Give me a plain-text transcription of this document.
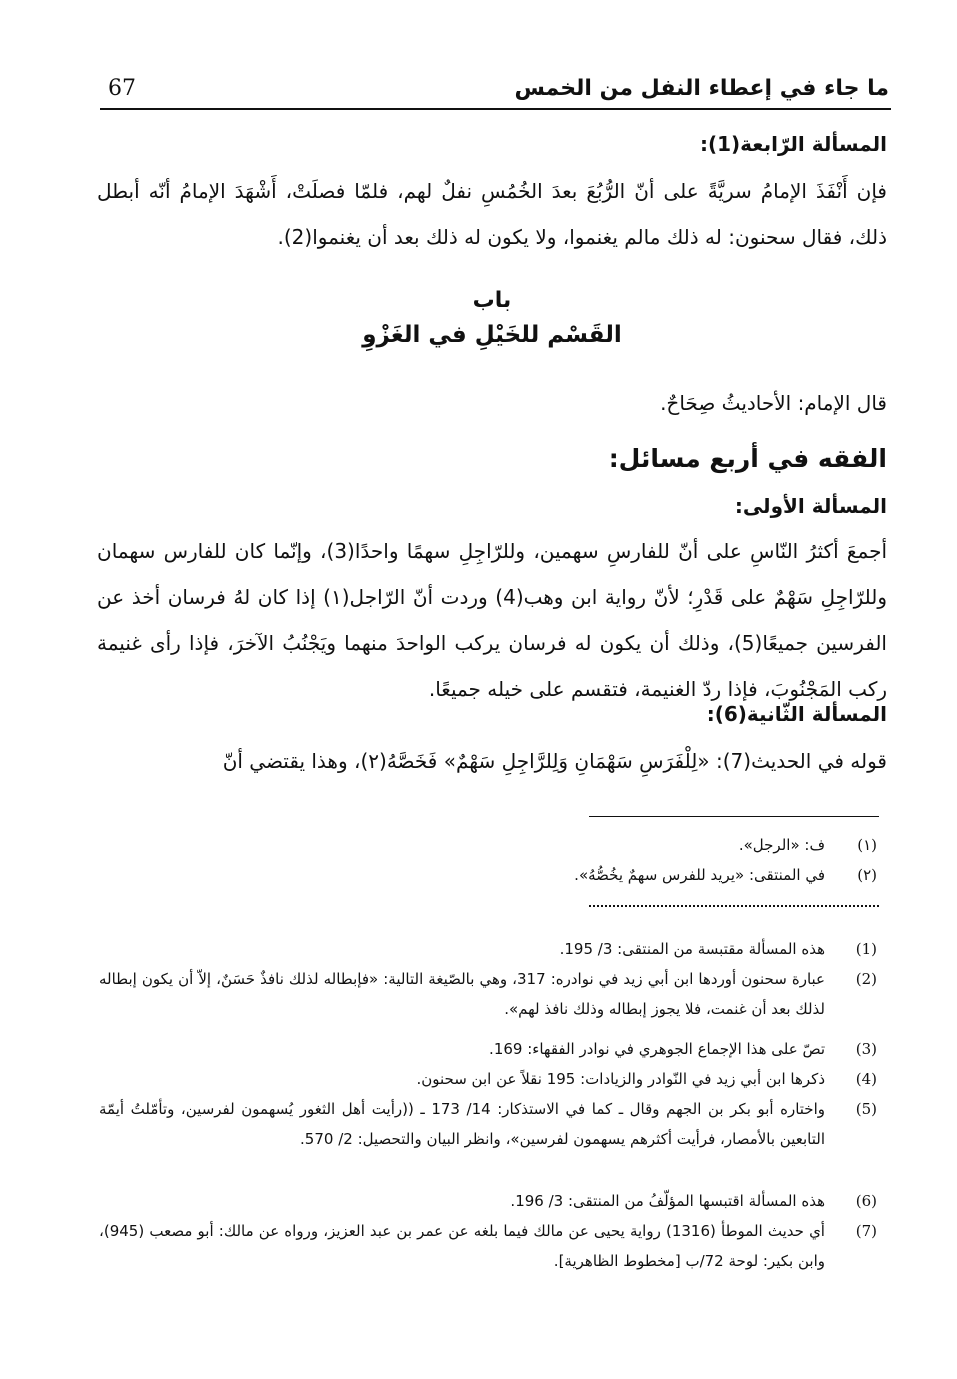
ما جاء في إعطاء النفل من الخمس
67
المسألة الرّابعة(1):
فإن أَنْفَذَ الإمامُ سريَّةً على أنّ الرُّبُعَ بعدَ الخُمُسِ نفلٌ لهم، فلمّا فصلَتْ، أَشْهَدَ الإمامُ أنّه أبطل ذلك، فقال سحنون: له ذلك مالم يغنموا، ولا يكون له ذلك بعد أن يغنموا(2).
باب
القَسْم للخَيْلِ في الغَزْوِ
قال الإمام: الأحاديثُ صِحَاحٌ.
الفقه في أربع مسائل:
المسألة الأولى:
أجمعَ أكثرُ النّاسِ على أنّ للفارسِ سهمين، وللرّاجِلِ سهمًا واحدًا(3)، وإنّما كان للفارس سهمان وللرّاجِلِ سَهْمٌ على قَدْرِ؛ لأنّ رواية ابن وهب(4) وردت أنّ الرّاجل(١) إذا كان لهُ فرسان أخذ عن الفرسين جميعًا(5)، وذلك أن يكون له فرسان يركب الواحدَ منهما ويَجْنُبُ الآخرَ، فإذا رأى غنيمة ركب المَجْنُوبَ، فإذا ردّ الغنيمة، فتقسم على خيله جميعًا.
المسألة الثّانية(6):
قوله في الحديث(7): «لِلْفَرَسِ سَهْمَانِ وَلِلرَّاجِلِ سَهْمٌ» فَخَصَّهُ(٢)، وهذا يقتضي أنّ
(١)
ف: «الرجل».
(٢)
في المنتقى: «يريد للفرس سهمٌ يخُصُّهُ».
(1)
هذه المسألة مقتبسة من المنتقى: 3/ 195.
(2)
عبارة سحنون أوردها ابن أبي زيد في نوادره: 317، وهي بالصّيغة التالية: «فإبطاله لذلك نافذٌ حَسَنٌ، إلاّ أن يكون إبطاله لذلك بعد أن غنمت، فلا يجوز إبطاله وذلك نافذ لهم».
(3)
تصّ على هذا الإجماع الجوهري في نوادر الفقهاء: 169.
(4)
ذكرها ابن أبي زيد في النّوادر والزيادات: 195 نقلاً عن ابن سحنون.
(5)
واختاره أبو بكر بن الجهم وقال ـ كما في الاستذكار: 14/ 173 ـ ((رأيت أهل الثغور يُسهمون لفرسين، وتأمّلتُ أيمّة التابعين بالأمصار، فرأيت أكثرهم يسهمون لفرسين»، وانظر البيان والتحصيل: 2/ 570.
(6)
هذه المسألة اقتبسها المؤلّفُ من المنتقى: 3/ 196.
(7)
أي حديث الموطأ (1316) رواية يحيى عن مالك فيما بلغه عن عمر بن عبد العزيز، ورواه عن مالك: أبو مصعب (945)، وابن بكير: لوحة 72/ب [مخطوط الظاهرية].
